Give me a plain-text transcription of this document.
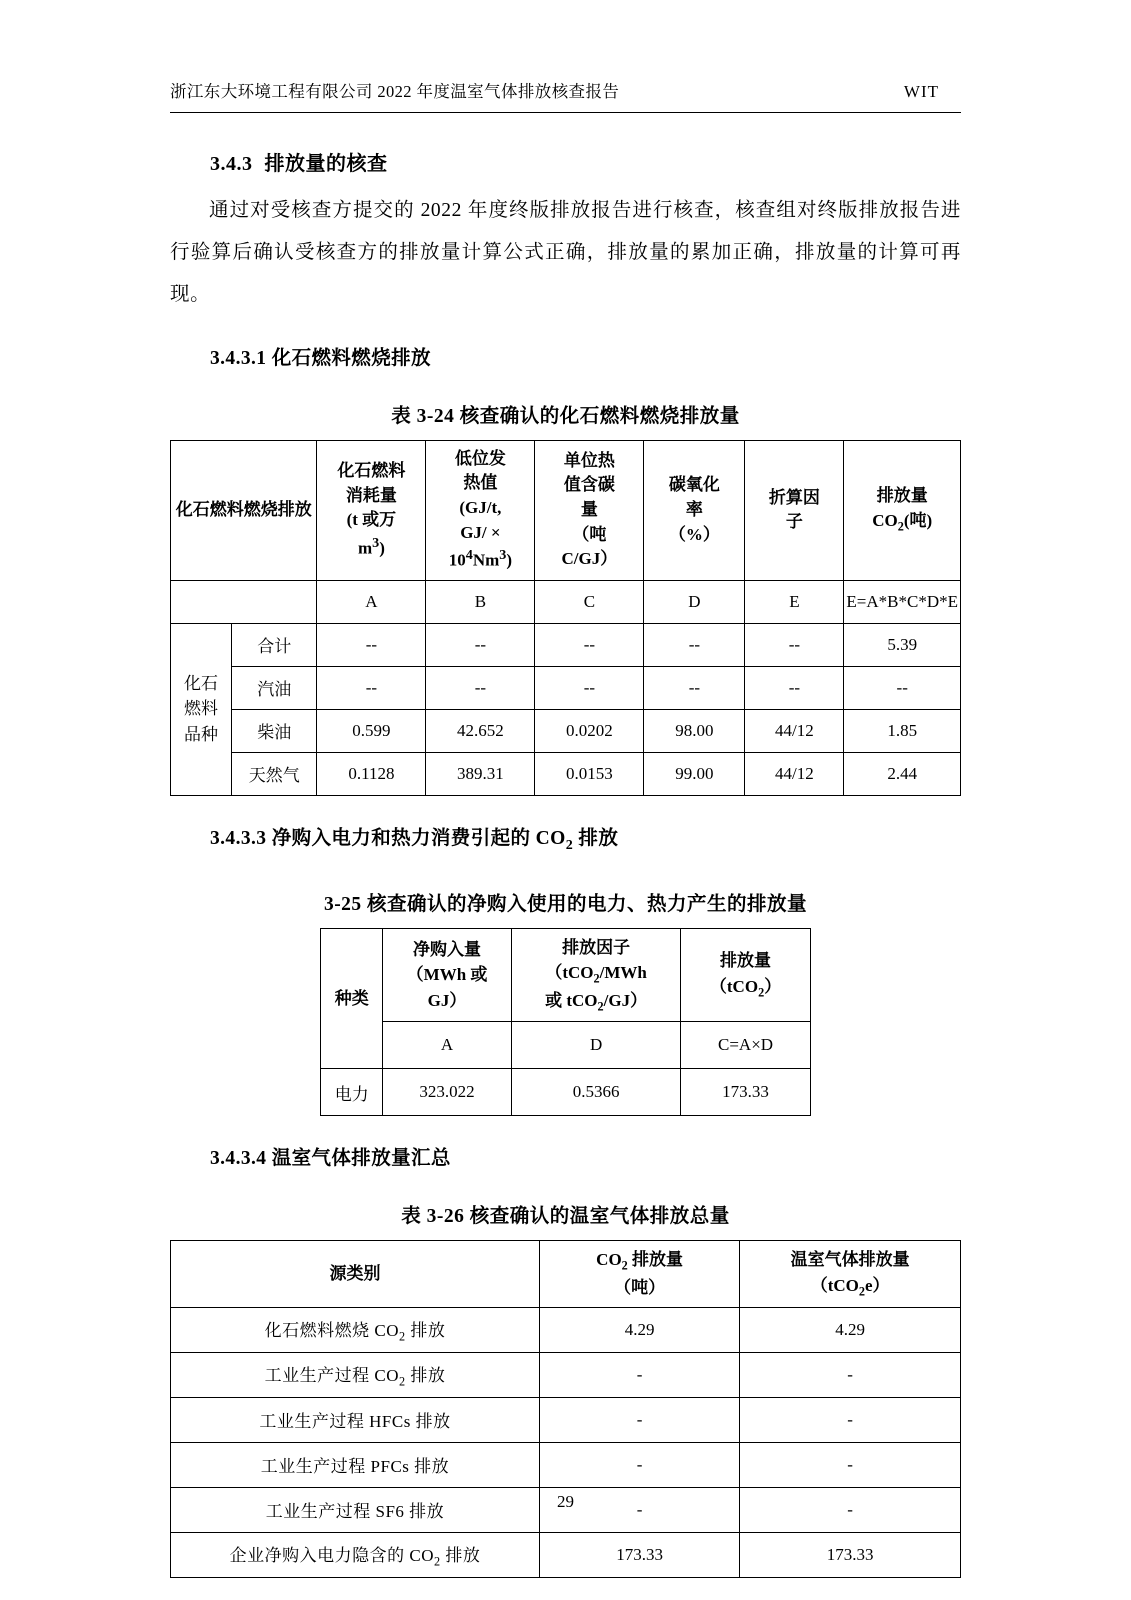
浙江东大环境工程有限公司 2022 年度温室气体排放核查报告	WIT
3.4.3 排放量的核查

通过对受核查方提交的 2022 年度终版排放报告进行核查，核查组对终版排放报告进行验算后确认受核查方的排放量计算公式正确，排放量的累加正确，排放量的计算可再现。

3.4.3.1 化石燃料燃烧排放
表 3-24 核查确认的化石燃料燃烧排放量
化石燃料燃烧排放		化石燃料
消耗量
(t 或万
$m^3$)	低位发
热值
(GJ/t,
GJ/ ×
$10^4Nm^3$)	单位热
值含碳
量
（吨
C/GJ）	碳氧化
率
（%）	折算因
子	排放量
$CO_2$(吨)

		A	B	C	D	E	E=A*B*C*D*E
化石
燃料
品种	合计	--	--	--	--	--	5.39
	汽油	--	--	--	--	--	--
	柴油	0.599	42.652	0.0202	98.00	44/12	1.85
	天然气	0.1128	389.31	0.0153	99.00	44/12	2.44
3.4.3.3 净购入电力和热力消费引起的 $CO_2$ 排放
3-25 核查确认的净购入使用的电力、热力产生的排放量
种类	净购入量
（MWh 或
GJ）	排放因子
（tCO$_2$/MWh
或 tCO$_2$/GJ）	排放量
（tCO$_2$）
	A	D	C=A×D
电力	323.022	0.5366	173.33
3.4.3.4 温室气体排放量汇总
表 3-26 核查确认的温室气体排放总量
源类别	$CO_2$ 排放量
（吨）	温室气体排放量
（tCO$_2$e）
化石燃料燃烧 $CO_2$ 排放	4.29	4.29
工业生产过程 $CO_2$ 排放	-	-
工业生产过程 HFCs 排放	-	-
工业生产过程 PFCs 排放	-	-
工业生产过程 SF6 排放	-	-
企业净购入电力隐含的 $CO_2$ 排放	173.33	173.33
29
